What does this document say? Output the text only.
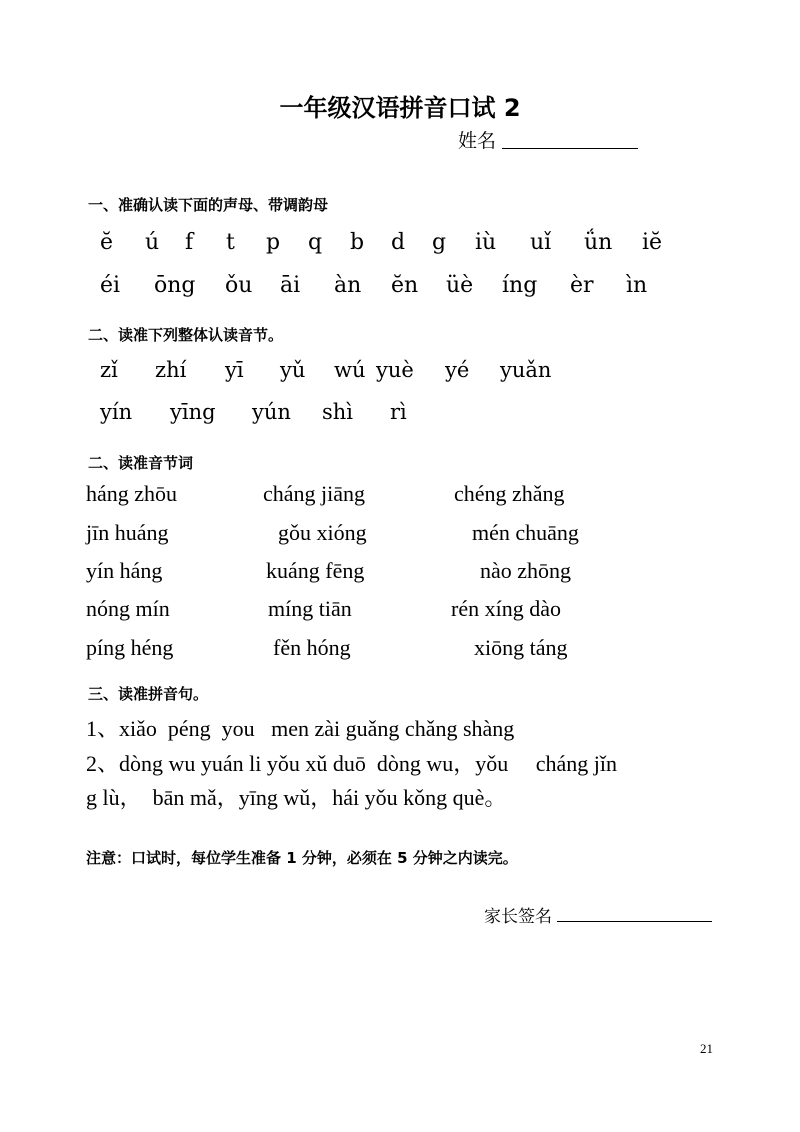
一年级汉语拼音口试 2
姓名
一、准确认读下面的声母、带调韵母
ĕ ú f t p q b d g iù uǐ ǘn iĕ
éi ōng ǒu āi àn ĕn üè íng èr ìn
二、读准下列整体认读音节。
zǐ zhí yī yǔ wú yuè yé yuǎn
yín yīng yún shì rì
二、读准音节词
háng zhōu	cháng jiāng	chéng zhǎng
jīn huáng	gǒu xióng	mén chuāng
yín háng	kuáng fēng	nào zhōng
nóng mín	míng tiān	rén xíng dào
píng héng	fěn hóng	xiōng táng
三、读准拼音句。
1、xiǎo  péng  you   men zài guǎng chǎng shàng
2、dòng wu yuán li yǒu xǔ duō  dòng wu，yǒu     cháng jǐn
g lù，  bān mǎ，yīng wǔ，hái yǒu kǒng què。
注意：口试时，每位学生准备 1 分钟，必须在 5 分钟之内读完。
家长签名
21
